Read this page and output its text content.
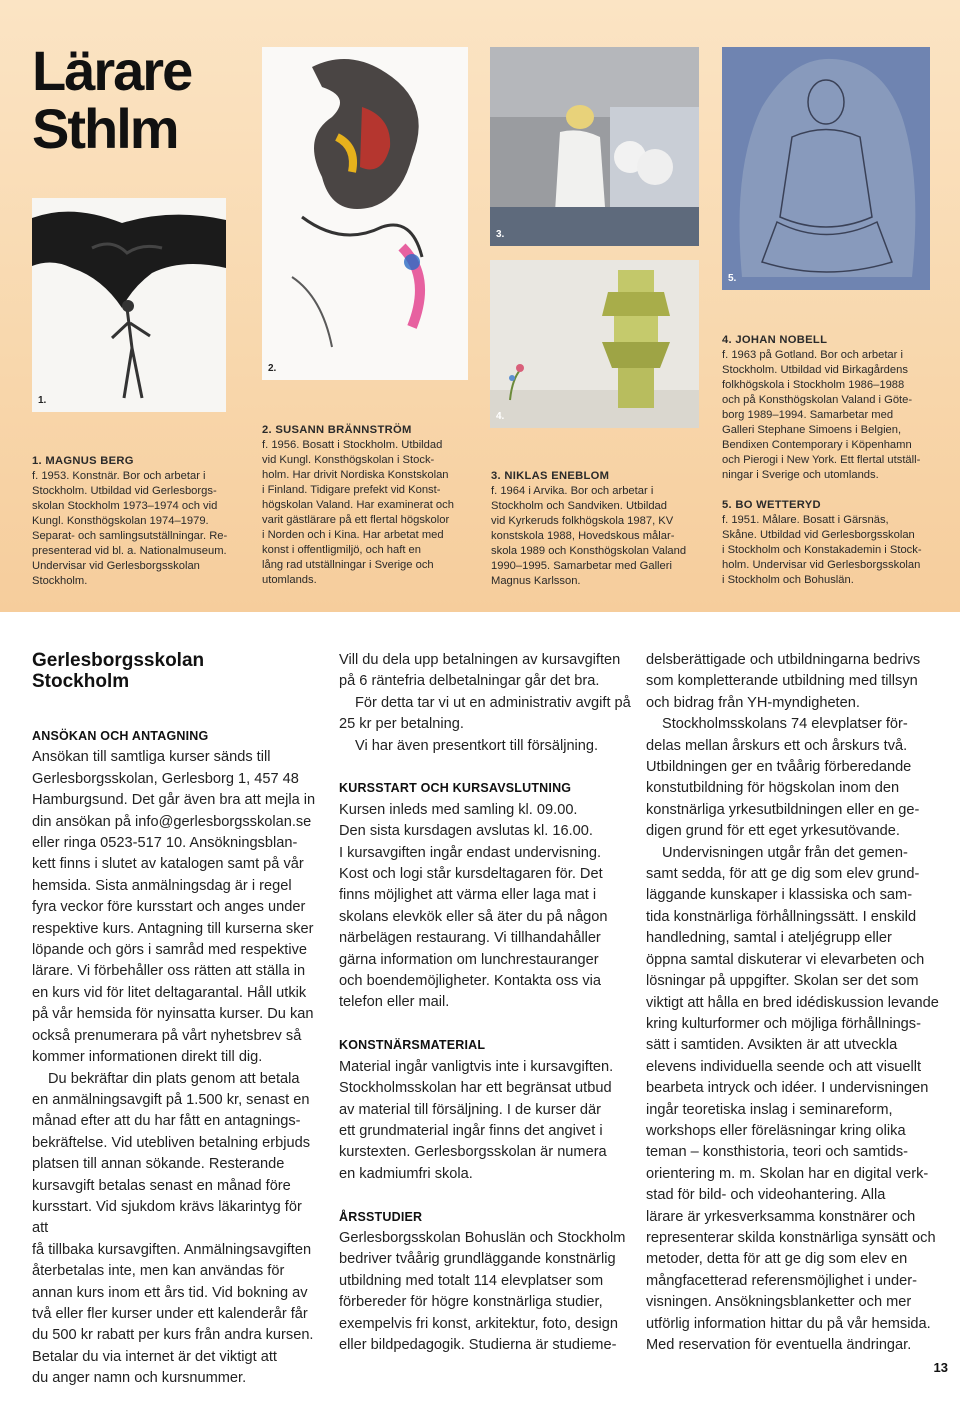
Lärare
Sthlm
1.
2.
3.
4.
5.
1. MAGNUS BERG

f. 1953. Konstnär. Bor och arbetar i

Stockholm. Utbildad vid Gerlesborgs-

skolan Stockholm 1973–1974 och vid

Kungl. Konsthögskolan 1974–1979.

Separat- och samlingsutställningar. Re-

presenterad vid bl. a. Nationalmuseum.

Undervisar vid Gerlesborgsskolan

Stockholm.

2. SUSANN BRÄNNSTRÖM

f. 1956. Bosatt i Stockholm. Utbildad

vid Kungl. Konsthögskolan i Stock-

holm. Har drivit Nordiska Konstskolan

i Finland. Tidigare prefekt vid Konst-

högskolan Valand. Har examinerat och

varit gästlärare på ett flertal högskolor

i Norden och i Kina. Har arbetat med

konst i offentligmiljö, och haft en

lång rad utställningar i Sverige och

utomlands.

3. NIKLAS ENEBLOM

f. 1964 i Arvika. Bor och arbetar i

Stockholm och Sandviken. Utbildad

vid Kyrkeruds folkhögskola 1987, KV

konstskola 1988, Hovedskous målar-

skola 1989 och Konsthögskolan Valand

1990–1995. Samarbetar med Galleri

Magnus Karlsson.

4. JOHAN NOBELL

f. 1963 på Gotland. Bor och arbetar i

Stockholm. Utbildad vid Birkagårdens

folkhögskola i Stockholm 1986–1988

och på Konsthögskolan Valand i Göte-

borg 1989–1994. Samarbetar med

Galleri Stephane Simoens i Belgien,

Bendixen Contemporary i Köpenhamn

och Pierogi i New York. Ett flertal utställ-

ningar i Sverige och utomlands.

5. BO WETTERYD

f. 1951. Målare. Bosatt i Gärsnäs,

Skåne. Utbildad vid Gerlesborgsskolan

i Stockholm och Konstakademin i Stock-

holm. Undervisar vid Gerlesborgsskolan

i Stockholm och Bohuslän.

Gerlesborgsskolan
Stockholm
ANSÖKAN OCH ANTAGNING

Ansökan till samtliga kurser sänds till

Gerlesborgsskolan, Gerlesborg 1, 457 48

Hamburgsund. Det går även bra att mejla in

din ansökan på info@gerlesborgsskolan.se

eller ringa 0523-517 10. Ansökningsblan-

kett finns i slutet av katalogen samt på vår

hemsida. Sista anmälningsdag är i regel

fyra veckor före kursstart och anges under

respektive kurs. Antagning till kurserna sker

löpande och görs i samråd med respektive

lärare. Vi förbehåller oss rätten att ställa in

en kurs vid för litet deltagarantal. Håll utkik

på vår hemsida för nyinsatta kurser. Du kan

också prenumerara på vårt nyhetsbrev så

kommer informationen direkt till dig.

Du bekräftar din plats genom att betala

en anmälningsavgift på 1.500 kr, senast en

månad efter att du har fått en antagnings-

bekräftelse. Vid utebliven betalning erbjuds

platsen till annan sökande. Resterande

kursavgift betalas senast en månad före

kursstart. Vid sjukdom krävs läkarintyg för att

få tillbaka kursavgiften. Anmälningsavgiften

återbetalas inte, men kan användas för

annan kurs inom ett års tid. Vid bokning av

två eller fler kurser under ett kalenderår får

du 500 kr rabatt per kurs från andra kursen.

Betalar du via internet är det viktigt att

du anger namn och kursnummer.

Vill du dela upp betalningen av kursavgiften

på 6 räntefria delbetalningar går det bra.

För detta tar vi ut en administrativ avgift på

25 kr per betalning.

Vi har även presentkort till försäljning.

KURSSTART OCH KURSAVSLUTNING

Kursen inleds med samling kl. 09.00.

Den sista kursdagen avslutas kl. 16.00.

I kursavgiften ingår endast undervisning.

Kost och logi står kursdeltagaren för. Det

finns möjlighet att värma eller laga mat i

skolans elevkök eller så äter du på någon

närbelägen restaurang. Vi tillhandahåller

gärna information om lunchrestauranger

och boendemöjligheter. Kontakta oss via

telefon eller mail.

KONSTNÄRSMATERIAL

Material ingår vanligtvis inte i kursavgiften.

Stockholmsskolan har ett begränsat utbud

av material till försäljning. I de kurser där

ett grundmaterial ingår finns det angivet i

kurstexten. Gerlesborgsskolan är numera

en kadmiumfri skola.

ÅRSSTUDIER

Gerlesborgsskolan Bohuslän och Stockholm

bedriver tvåårig grundläggande konstnärlig

utbildning med totalt 114 elevplatser som

förbereder för högre konstnärliga studier,

exempelvis fri konst, arkitektur, foto, design

eller bildpedagogik. Studierna är studieme-

delsberättigade och utbildningarna bedrivs

som kompletterande utbildning med tillsyn

och bidrag från YH-myndigheten.

Stockholmsskolans 74 elevplatser för-

delas mellan årskurs ett och årskurs två.

Utbildningen ger en tvåårig förberedande

konstutbildning för högskolan inom den

konstnärliga yrkesutbildningen eller en ge-

digen grund för ett eget yrkesutövande.

Undervisningen utgår från det gemen-

samt sedda, för att ge dig som elev grund-

läggande kunskaper i klassiska och sam-

tida konstnärliga förhållningssätt. I enskild

handledning, samtal i ateljégrupp eller

öppna samtal diskuterar vi elevarbeten och

lösningar på uppgifter. Skolan ser det som

viktigt att hålla en bred idédiskussion levande

kring kulturformer och möjliga förhållnings-

sätt i samtiden. Avsikten är att utveckla

elevens individuella seende och att visuellt

bearbeta intryck och idéer. I undervisningen

ingår teoretiska inslag i seminareform,

workshops eller föreläsningar kring olika

teman – konsthistoria, teori och samtids-

orientering m. m. Skolan har en digital verk-

stad för bild- och videohantering. Alla

lärare är yrkesverksamma konstnärer och

representerar skilda konstnärliga synsätt och

metoder, detta för att ge dig som elev en

mångfacetterad referensmöjlighet i under-

visningen. Ansökningsblanketter och mer

utförlig information hittar du på vår hemsida.

Med reservation för eventuella ändringar.

13
